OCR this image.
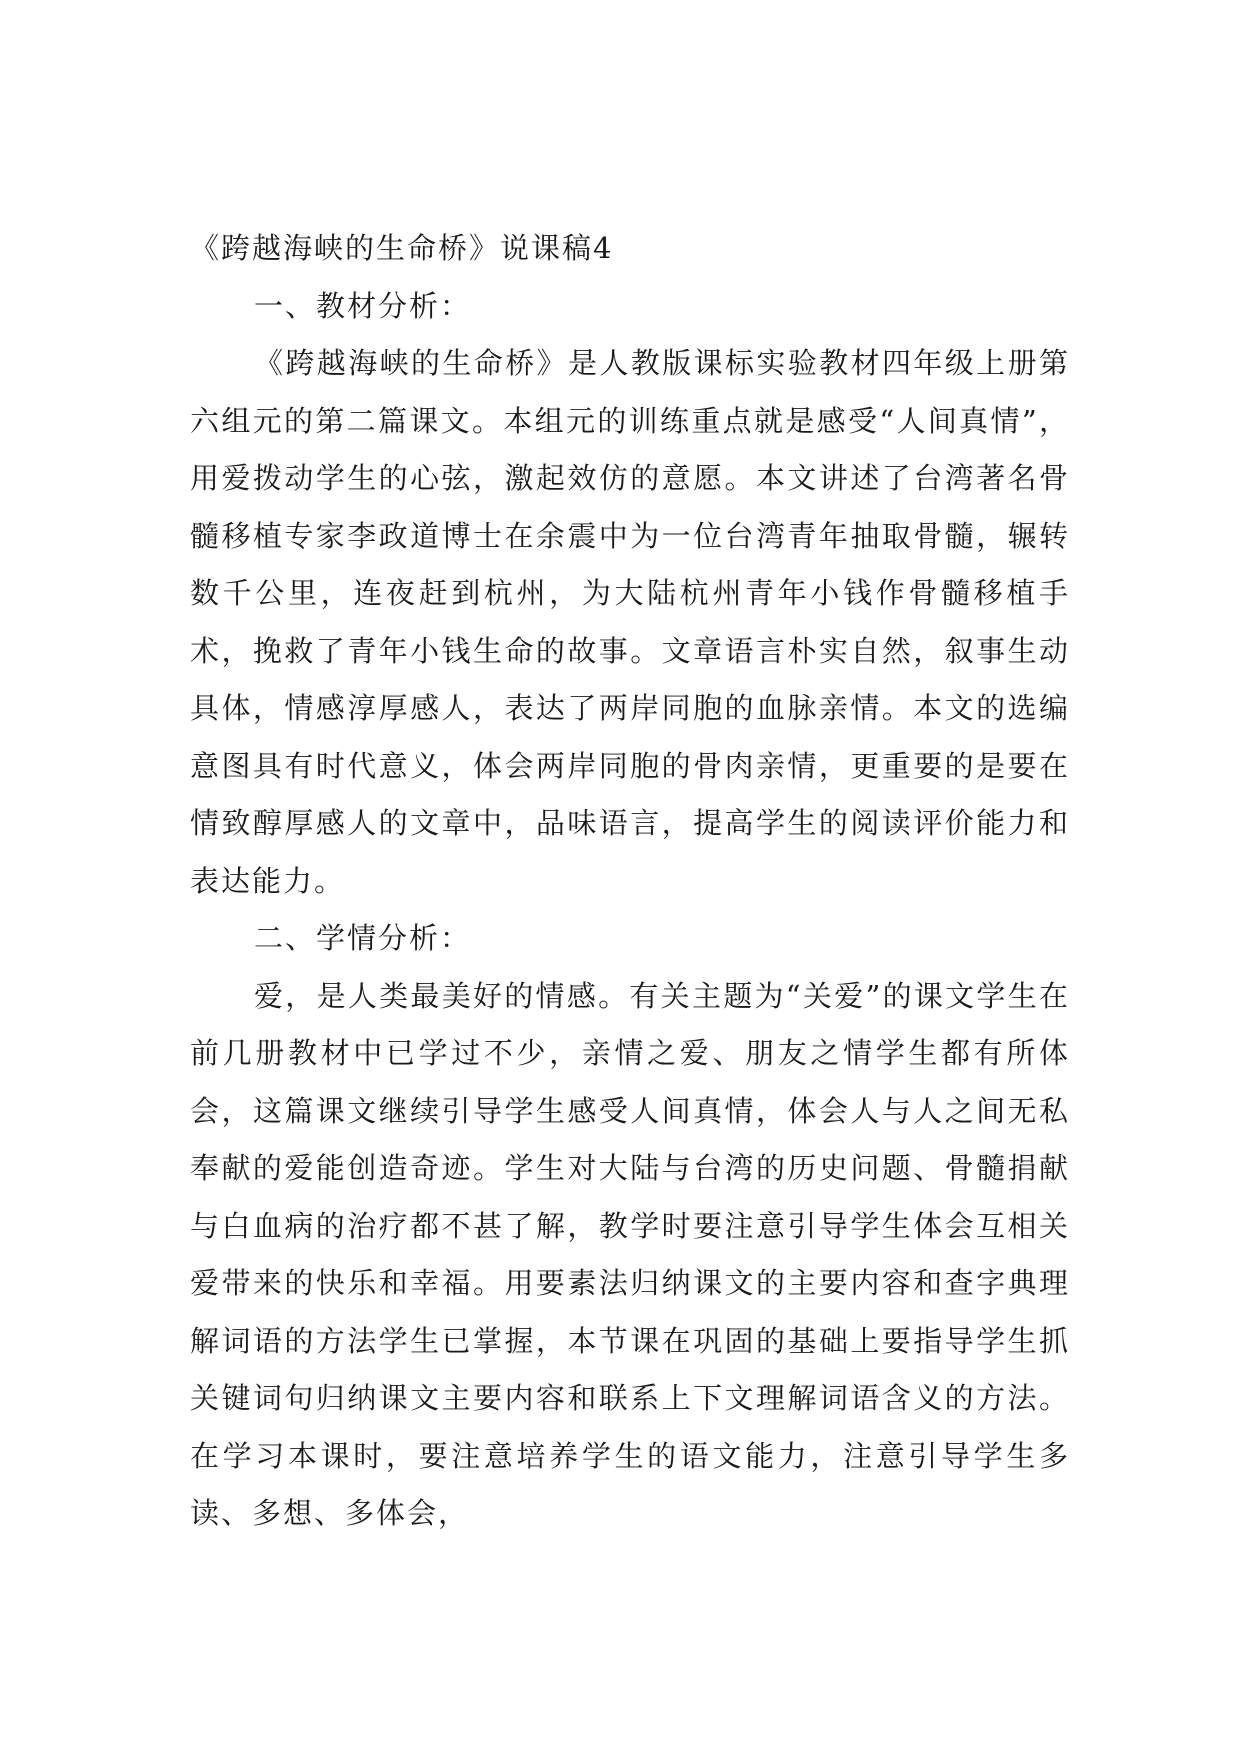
《跨越海峡的生命桥》说课稿4
一、教材分析：

《跨越海峡的生命桥》是人教版课标实验教材四年级上册第六组元的第二篇课文。本组元的训练重点就是感受“人间真情”，用爱拨动学生的心弦，激起效仿的意愿。本文讲述了台湾著名骨髓移植专家李政道博士在余震中为一位台湾青年抽取骨髓，辗转数千公里，连夜赶到杭州，为大陆杭州青年小钱作骨髓移植手术，挽救了青年小钱生命的故事。文章语言朴实自然，叙事生动具体，情感淳厚感人，表达了两岸同胞的血脉亲情。本文的选编意图具有时代意义，体会两岸同胞的骨肉亲情，更重要的是要在情致醇厚感人的文章中，品味语言，提高学生的阅读评价能力和表达能力。

二、学情分析：

爱，是人类最美好的情感。有关主题为“关爱”的课文学生在前几册教材中已学过不少，亲情之爱、朋友之情学生都有所体会，这篇课文继续引导学生感受人间真情，体会人与人之间无私奉献的爱能创造奇迹。学生对大陆与台湾的历史问题、骨髓捐献与白血病的治疗都不甚了解，教学时要注意引导学生体会互相关爱带来的快乐和幸福。用要素法归纳课文的主要内容和查字典理解词语的方法学生已掌握，本节课在巩固的基础上要指导学生抓关键词句归纳课文主要内容和联系上下文理解词语含义的方法。在学习本课时，要注意培养学生的语文能力，注意引导学生多读、多想、多体会，
